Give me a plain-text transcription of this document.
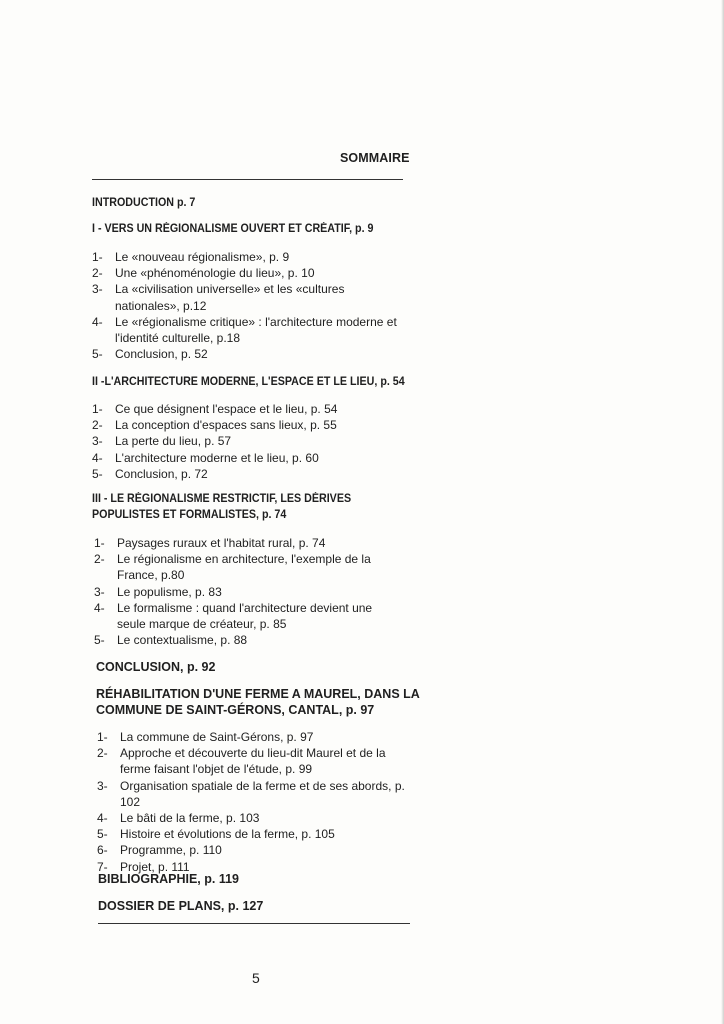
SOMMAIRE

INTRODUCTION p. 7

I - VERS UN RÉGIONALISME OUVERT ET CRÉATIF, p. 9

1- Le «nouveau régionalisme», p. 9
2- Une «phénoménologie du lieu», p. 10
3- La «civilisation universelle» et les «cultures nationales», p.12
4- Le «régionalisme critique» : l'architecture moderne et l'identité culturelle, p.18
5- Conclusion, p. 52

II -L'ARCHITECTURE MODERNE, L'ESPACE ET LE LIEU, p. 54

1- Ce que désignent l'espace et le lieu, p. 54
2- La conception d'espaces sans lieux, p. 55
3- La perte du lieu, p. 57
4- L'architecture moderne et le lieu, p. 60
5- Conclusion, p. 72

III - LE RÉGIONALISME RESTRICTIF, LES DÉRIVES POPULISTES ET FORMALISTES, p. 74

1- Paysages ruraux et l'habitat rural, p. 74
2- Le régionalisme en architecture, l'exemple de la France, p.80
3- Le populisme, p. 83
4- Le formalisme : quand l'architecture devient une seule marque de créateur, p. 85
5- Le contextualisme, p. 88

CONCLUSION, p. 92

RÉHABILITATION D'UNE FERME A MAUREL, DANS LA COMMUNE DE SAINT-GÉRONS, CANTAL, p. 97

1- La commune de Saint-Gérons, p. 97
2- Approche et découverte du lieu-dit Maurel et de la ferme faisant l'objet de l'étude, p. 99
3- Organisation spatiale de la ferme et de ses abords, p. 102
4- Le bâti de la ferme, p. 103
5- Histoire et évolutions de la ferme, p. 105
6- Programme, p. 110
7- Projet, p. 111

BIBLIOGRAPHIE, p. 119

DOSSIER DE PLANS, p. 127

5
